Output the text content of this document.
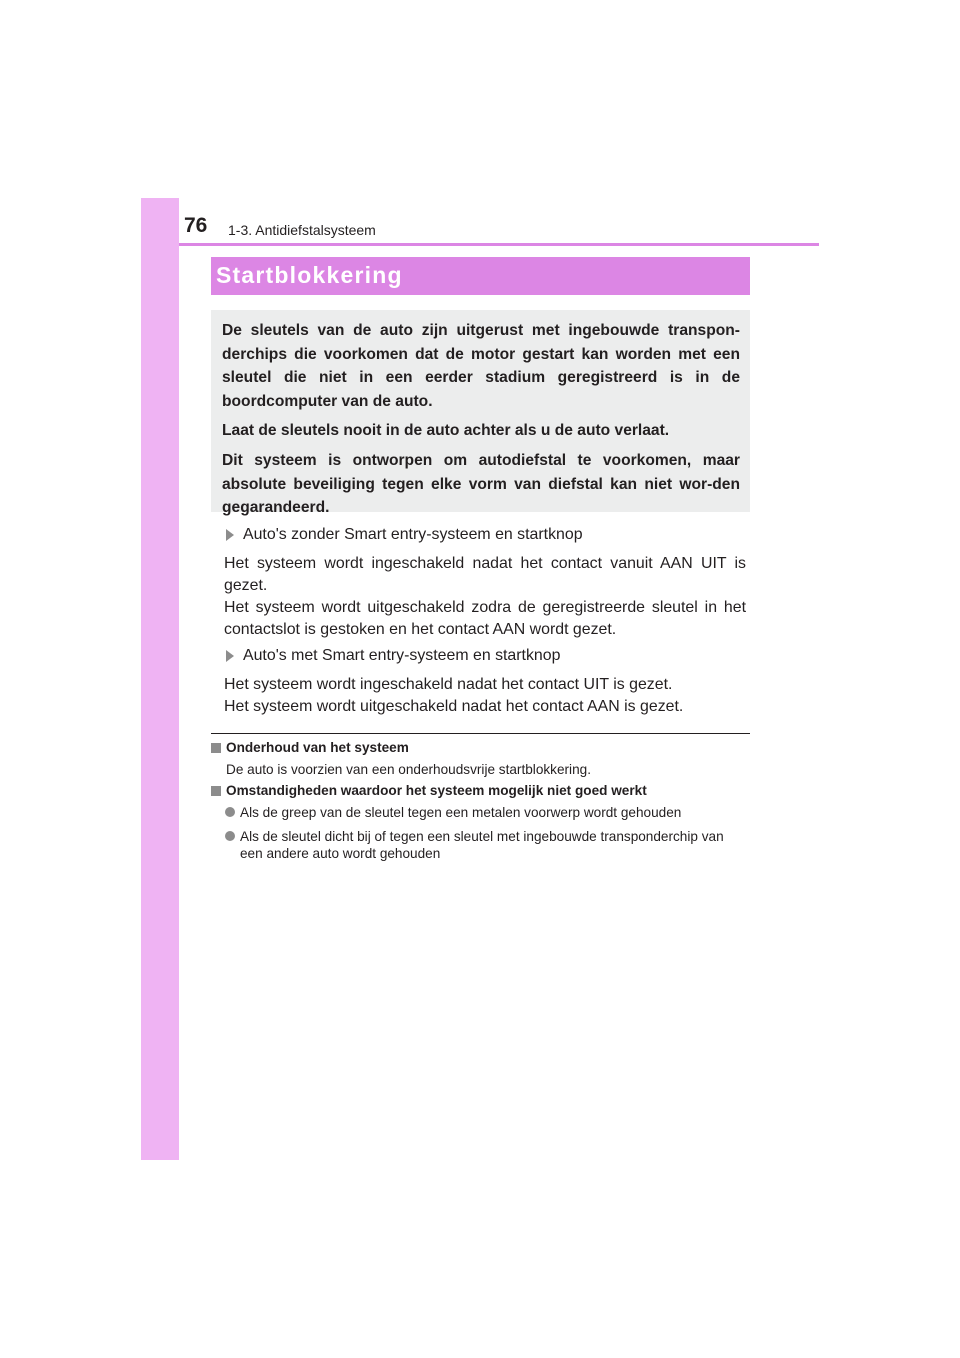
76 1-3. Antidiefstalsysteem
Startblokkering

De sleutels van de auto zijn uitgerust met ingebouwde transpon-derchips die voorkomen dat de motor gestart kan worden met een sleutel die niet in een eerder stadium geregistreerd is in de boordcomputer van de auto.

Laat de sleutels nooit in de auto achter als u de auto verlaat.

Dit systeem is ontworpen om autodiefstal te voorkomen, maar absolute beveiliging tegen elke vorm van diefstal kan niet wor-den gegarandeerd.

Auto's zonder Smart entry-systeem en startknop

Het systeem wordt ingeschakeld nadat het contact vanuit AAN UIT is gezet.

Het systeem wordt uitgeschakeld zodra de geregistreerde sleutel in het contactslot is gestoken en het contact AAN wordt gezet.

Auto's met Smart entry-systeem en startknop

Het systeem wordt ingeschakeld nadat het contact UIT is gezet.

Het systeem wordt uitgeschakeld nadat het contact AAN is gezet.

Onderhoud van het systeem
De auto is voorzien van een onderhoudsvrije startblokkering.
Omstandigheden waardoor het systeem mogelijk niet goed werkt
Als de greep van de sleutel tegen een metalen voorwerp wordt gehouden
Als de sleutel dicht bij of tegen een sleutel met ingebouwde transponderchip van een andere auto wordt gehouden
